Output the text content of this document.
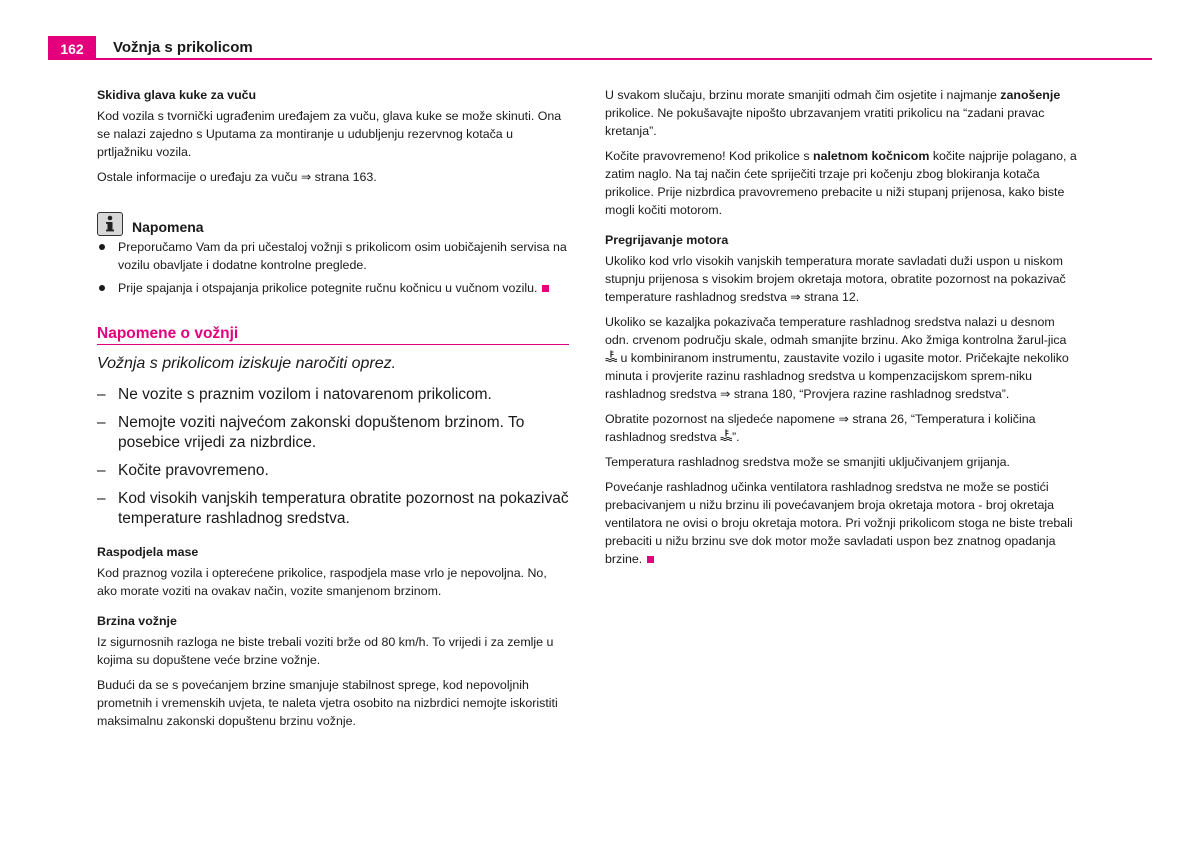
162	Vožnja s prikolicom
Skidiva glava kuke za vuču

Kod vozila s tvornički ugrađenim uređajem za vuču, glava kuke se može skinuti. Ona se nalazi zajedno s Uputama za montiranje u udubljenju rezervnog kotača u prtljažniku vozila.

Ostale informacije o uređaju za vuču ⇒ strana 163.

Napomena

Preporučamo Vam da pri učestaloj vožnji s prikolicom osim uobičajenih servisa na vozilu obavljate i dodatne kontrolne preglede.

Prije spajanja i otspajanja prikolice potegnite ručnu kočnicu u vučnom vozilu.

Napomene o vožnji
Vožnja s prikolicom iziskuje naročiti oprez.
– Ne vozite s praznim vozilom i natovarenom prikolicom.
– Nemojte voziti najvećom zakonski dopuštenom brzinom. To posebice vrijedi za nizbrdice.
– Kočite pravovremeno.
– Kod visokih vanjskih temperatura obratite pozornost na pokazivač temperature rashladnog sredstva.
Raspodjela mase

Kod praznog vozila i opterećene prikolice, raspodjela mase vrlo je nepovoljna. No, ako morate voziti na ovakav način, vozite smanjenom brzinom.

Brzina vožnje

Iz sigurnosnih razloga ne biste trebali voziti brže od 80 km/h. To vrijedi i za zemlje u kojima su dopuštene veće brzine vožnje.

Budući da se s povećanjem brzine smanjuje stabilnost sprege, kod nepovoljnih prometnih i vremenskih uvjeta, te naleta vjetra osobito na nizbrdici nemojte iskoristiti maksimalnu zakonski dopuštenu brzinu vožnje.

U svakom slučaju, brzinu morate smanjiti odmah čim osjetite i najmanje zanošenje prikolice. Ne pokušavajte nipošto ubrzavanjem vratiti prikolicu na “zadani pravac kretanja”.

Kočite pravovremeno! Kod prikolice s naletnom kočnicom kočite najprije polagano, a zatim naglo. Na taj način ćete spriječiti trzaje pri kočenju zbog blokiranja kotača prikolice. Prije nizbrdica pravovremeno prebacite u niži stupanj prijenosa, kako biste mogli kočiti motorom.

Pregrijavanje motora

Ukoliko kod vrlo visokih vanjskih temperatura morate savladati duži uspon u niskom stupnju prijenosa s visokim brojem okretaja motora, obratite pozornost na pokazivač temperature rashladnog sredstva ⇒ strana 12.

Ukoliko se kazaljka pokazivača temperature rashladnog sredstva nalazi u desnom odn. crvenom području skale, odmah smanjite brzinu. Ako žmiga kontrolna žarul-jica  u kombiniranom instrumentu, zaustavite vozilo i ugasite motor. Pričekajte nekoliko minuta i provjerite razinu rashladnog sredstva u kompenzacijskom sprem-niku rashladnog sredstva ⇒ strana 180, “Provjera razine rashladnog sredstva”.

Obratite pozornost na sljedeće napomene ⇒ strana 26, “Temperatura i količina rashladnog sredstva ”.

Temperatura rashladnog sredstva može se smanjiti uključivanjem grijanja.

Povećanje rashladnog učinka ventilatora rashladnog sredstva ne može se postići prebacivanjem u nižu brzinu ili povećavanjem broja okretaja motora - broj okretaja ventilatora ne ovisi o broju okretaja motora. Pri vožnji prikolicom stoga ne biste trebali prebaciti u nižu brzinu sve dok motor može savladati uspon bez znatnog opadanja brzine.
